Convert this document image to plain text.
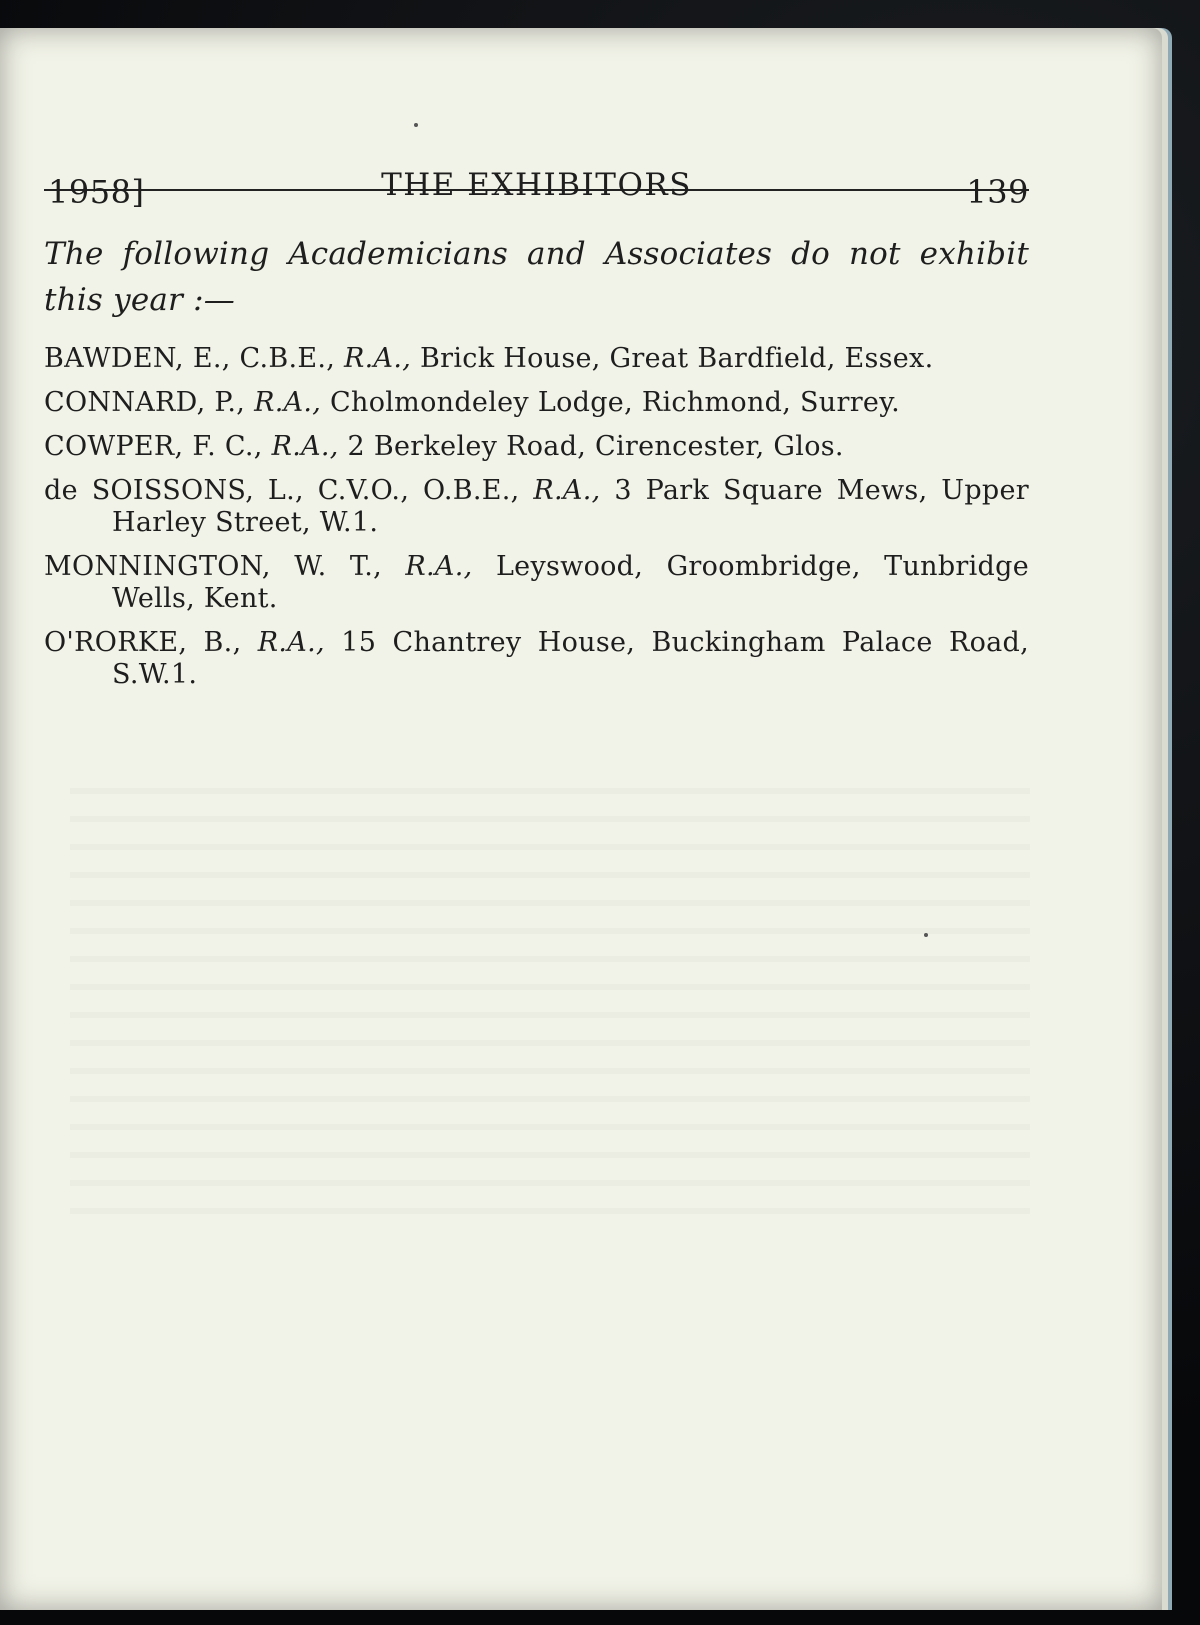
1958]	THE EXHIBITORS	139
The following Academicians and Associates do not exhibit this year :—
BAWDEN, E., C.B.E., R.A., Brick House, Great Bardfield, Essex.
CONNARD, P., R.A., Cholmondeley Lodge, Richmond, Surrey.
COWPER, F. C., R.A., 2 Berkeley Road, Cirencester, Glos.
de SOISSONS, L., C.V.O., O.B.E., R.A., 3 Park Square Mews, Upper Harley Street, W.1.
MONNINGTON, W. T., R.A., Leyswood, Groombridge, Tunbridge Wells, Kent.
O'RORKE, B., R.A., 15 Chantrey House, Buckingham Palace Road, S.W.1.
